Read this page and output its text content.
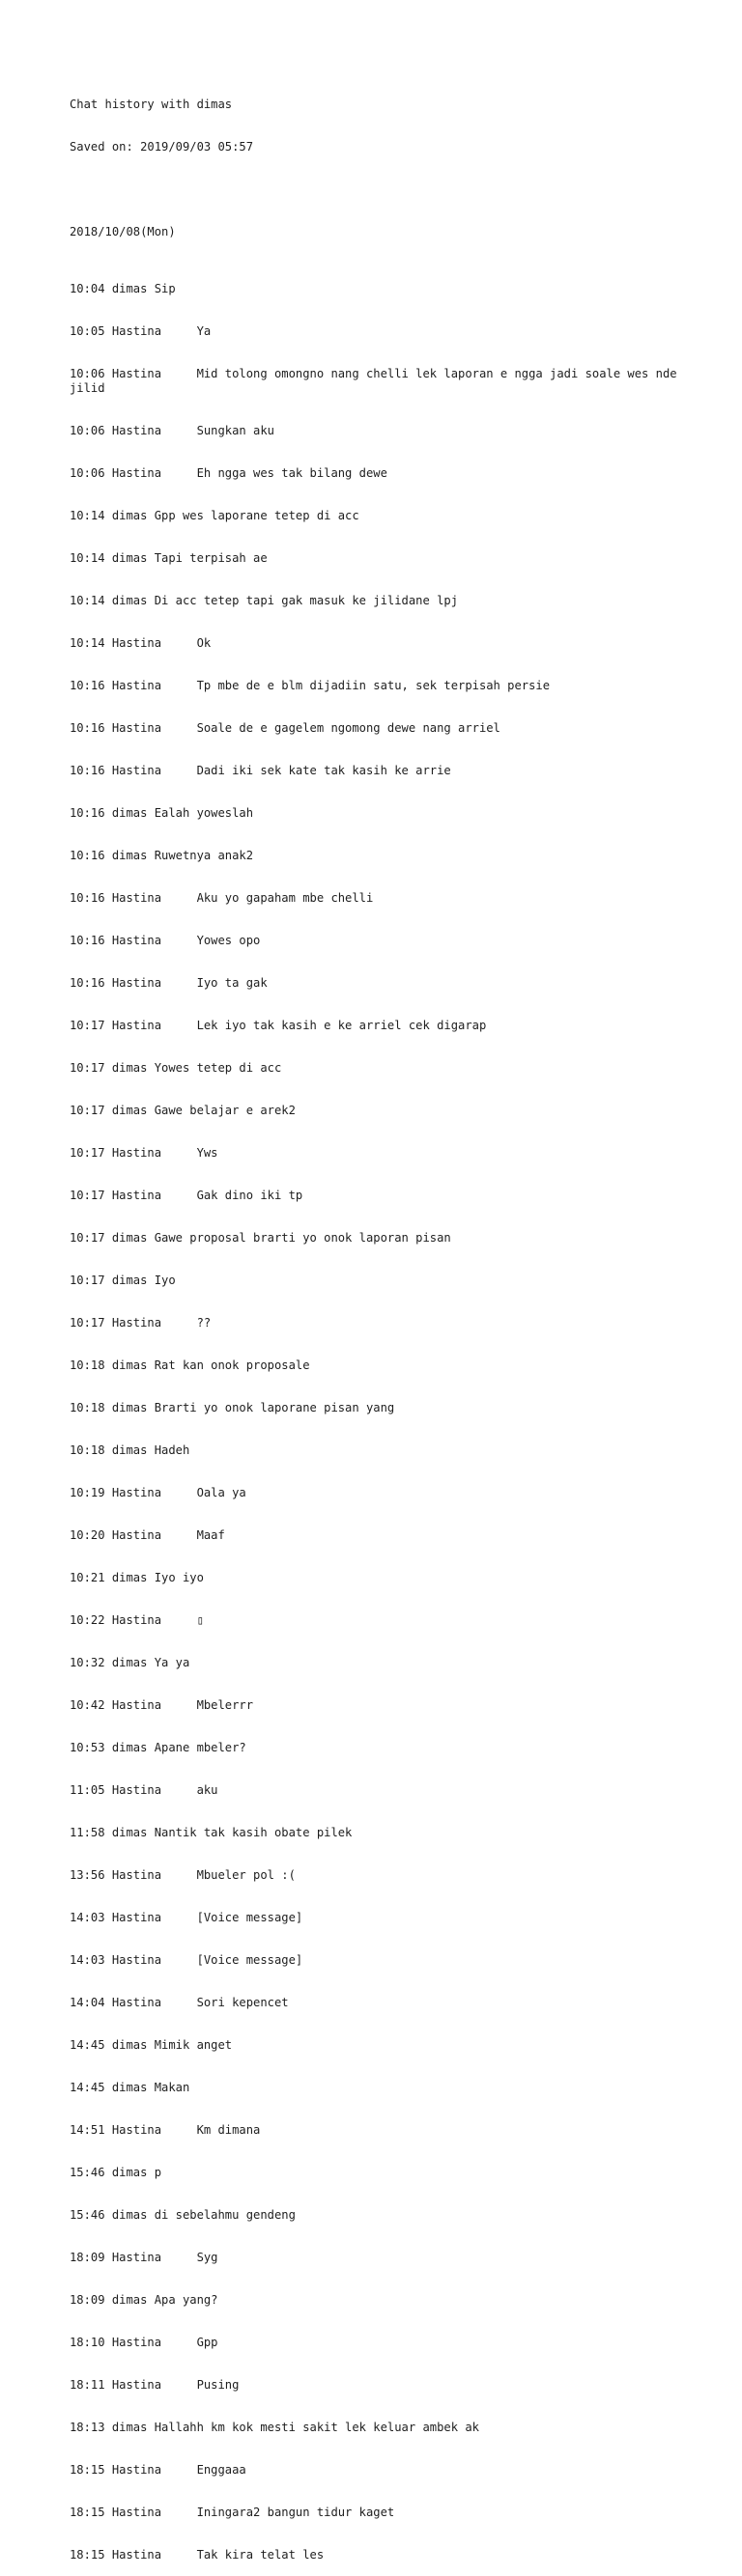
Chat history with dimas

Saved on: 2019/09/03 05:57

2018/10/08(Mon)

10:04 dimas Sip

10:05 Hastina     Ya

10:06 Hastina     Mid tolong omongno nang chelli lek laporan e ngga jadi soale wes nde jilid

10:06 Hastina     Sungkan aku

10:06 Hastina     Eh ngga wes tak bilang dewe

10:14 dimas Gpp wes laporane tetep di acc

10:14 dimas Tapi terpisah ae

10:14 dimas Di acc tetep tapi gak masuk ke jilidane lpj

10:14 Hastina     Ok

10:16 Hastina     Tp mbe de e blm dijadiin satu, sek terpisah persie

10:16 Hastina     Soale de e gagelem ngomong dewe nang arriel

10:16 Hastina     Dadi iki sek kate tak kasih ke arrie

10:16 dimas Ealah yoweslah

10:16 dimas Ruwetnya anak2

10:16 Hastina     Aku yo gapaham mbe chelli

10:16 Hastina     Yowes opo

10:16 Hastina     Iyo ta gak

10:17 Hastina     Lek iyo tak kasih e ke arriel cek digarap

10:17 dimas Yowes tetep di acc

10:17 dimas Gawe belajar e arek2

10:17 Hastina     Yws

10:17 Hastina     Gak dino iki tp

10:17 dimas Gawe proposal brarti yo onok laporan pisan

10:17 dimas Iyo

10:17 Hastina     ??

10:18 dimas Rat kan onok proposale

10:18 dimas Brarti yo onok laporane pisan yang

10:18 dimas Hadeh

10:19 Hastina     Oala ya

10:20 Hastina     Maaf

10:21 dimas Iyo iyo

10:22 Hastina     ▯

10:32 dimas Ya ya

10:42 Hastina     Mbelerrr

10:53 dimas Apane mbeler?

11:05 Hastina     aku

11:58 dimas Nantik tak kasih obate pilek

13:56 Hastina     Mbueler pol :(

14:03 Hastina     [Voice message]

14:03 Hastina     [Voice message]

14:04 Hastina     Sori kepencet

14:45 dimas Mimik anget

14:45 dimas Makan

14:51 Hastina     Km dimana

15:46 dimas p

15:46 dimas di sebelahmu gendeng

18:09 Hastina     Syg

18:09 dimas Apa yang?

18:10 Hastina     Gpp

18:11 Hastina     Pusing

18:13 dimas Hallahh km kok mesti sakit lek keluar ambek ak

18:15 Hastina     Enggaaa

18:15 Hastina     Iningara2 bangun tidur kaget

18:15 Hastina     Tak kira telat les
